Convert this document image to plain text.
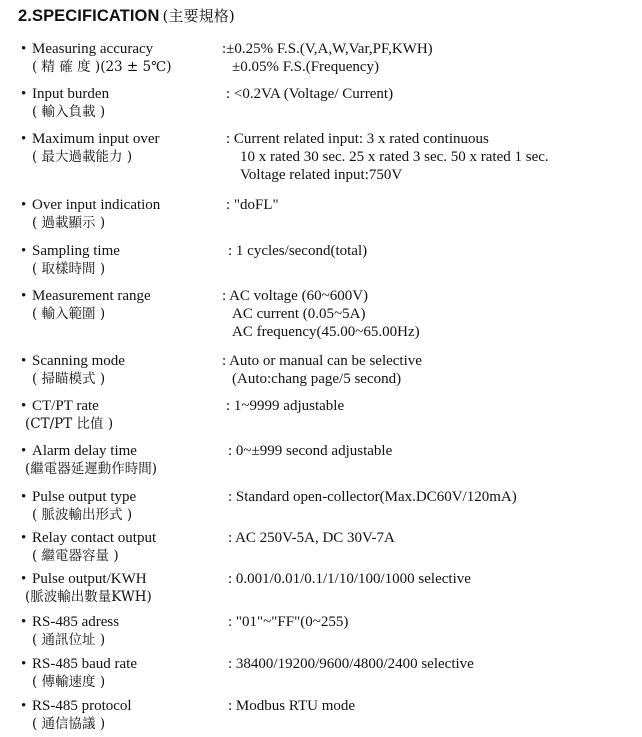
2.SPECIFICATION (主要規格)
• Measuring accuracy
( 精 確 度 )(23 ± 5℃)
:±0.25% F.S.(V,A,W,Var,PF,KWH)
±0.05% F.S.(Frequency)
• Input burden
( 輸入負載 )
: <0.2VA (Voltage/ Current)
• Maximum input over
( 最大過載能力 )
: Current related input: 3 x rated continuous
10 x rated 30 sec. 25 x rated 3 sec. 50 x rated 1 sec.
Voltage related input:750V
• Over input indication
( 過載顯示 )
: "doFL"
• Sampling time
( 取樣時間 )
: 1 cycles/second(total)
• Measurement range
( 輸入範圍 )
: AC voltage (60~600V)
AC current (0.05~5A)
AC frequency(45.00~65.00Hz)
• Scanning mode
( 掃瞄模式 )
: Auto or manual can be selective
(Auto:chang page/5 second)
• CT/PT rate
(CT/PT 比值 )
: 1~9999 adjustable
• Alarm delay time
(繼電器延遲動作時間)
: 0~±999 second adjustable
• Pulse output type
( 脈波輸出形式 )
: Standard open-collector(Max.DC60V/120mA)
• Relay contact output
( 繼電器容量 )
: AC 250V-5A, DC 30V-7A
• Pulse output/KWH
(脈波輸出數量KWH)
: 0.001/0.01/0.1/1/10/100/1000 selective
• RS-485 adress
( 通訊位址 )
: "01"~"FF"(0~255)
• RS-485 baud rate
( 傳輸速度 )
: 38400/19200/9600/4800/2400 selective
• RS-485 protocol
( 通信協議 )
: Modbus RTU mode
